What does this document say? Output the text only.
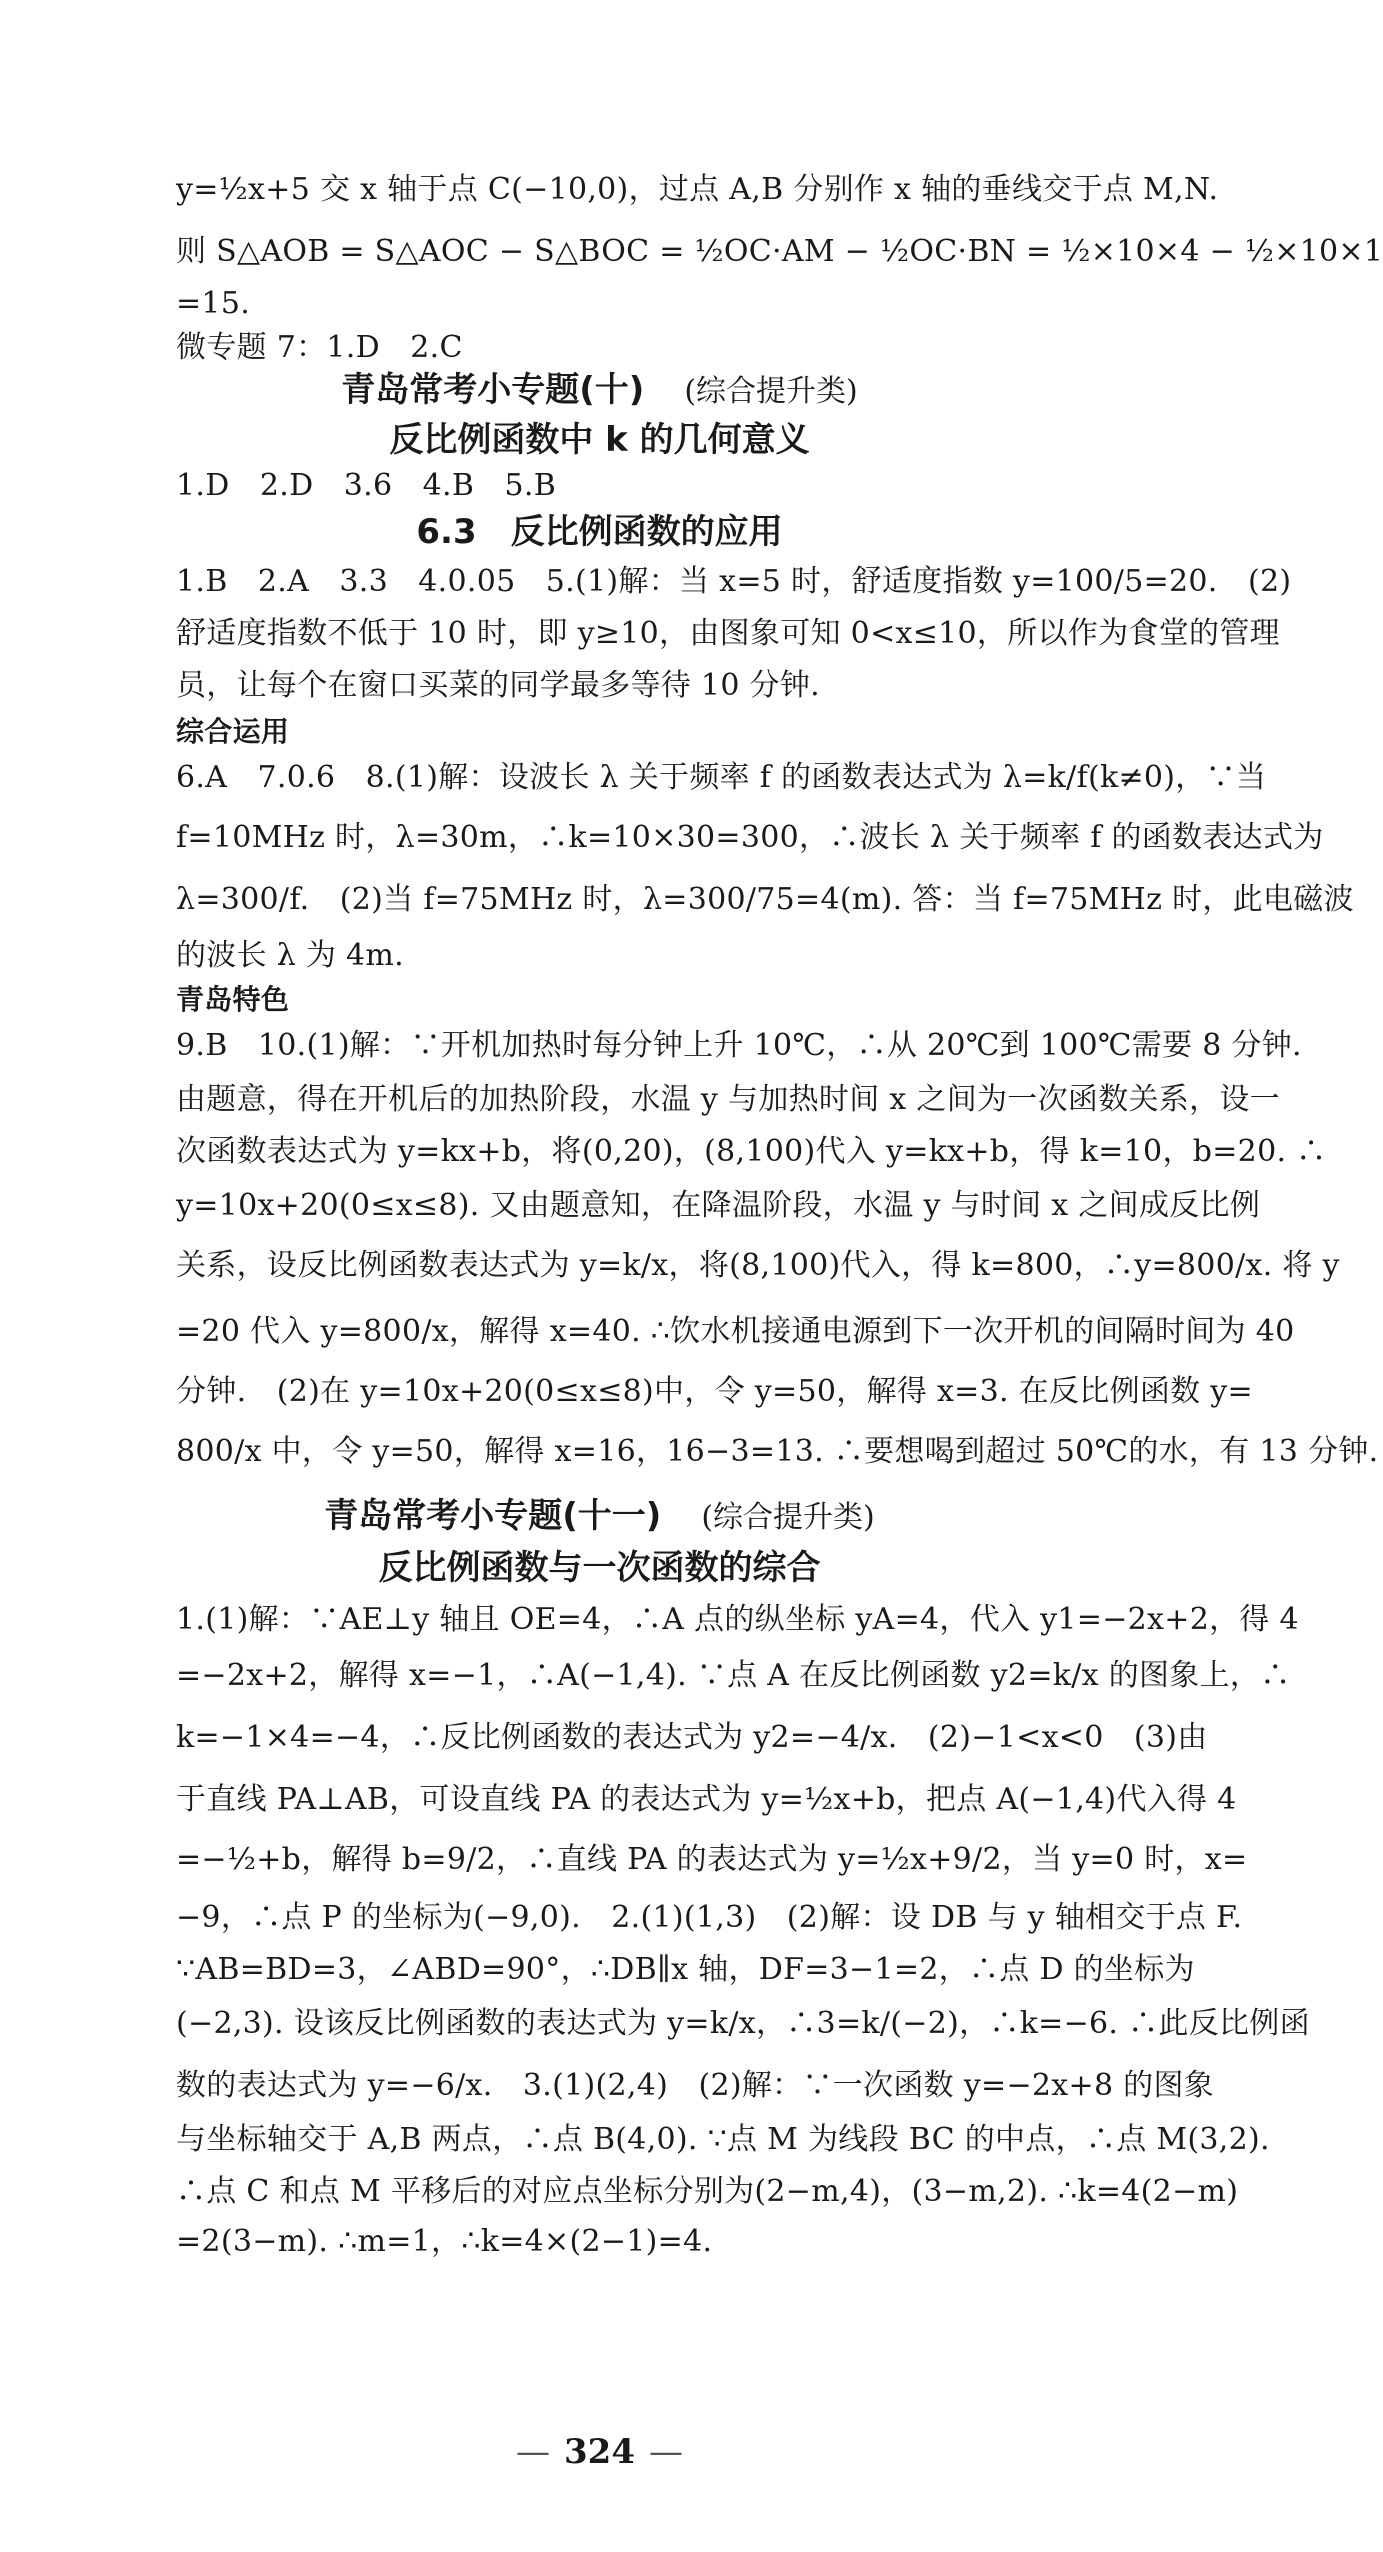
y=½x+5 交 x 轴于点 C(−10,0)，过点 A,B 分别作 x 轴的垂线交于点 M,N.
则 S△AOB = S△AOC − S△BOC = ½OC·AM − ½OC·BN = ½×10×4 − ½×10×1
=15.
微专题 7：1.D　2.C
青岛常考小专题(十) (综合提升类)
反比例函数中 k 的几何意义
1.D　2.D　3.6　4.B　5.B
6.3　反比例函数的应用
1.B　2.A　3.3　4.0.05　5.(1)解：当 x=5 时，舒适度指数 y=100/5=20.　(2)
舒适度指数不低于 10 时，即 y≥10，由图象可知 0<x≤10，所以作为食堂的管理
员，让每个在窗口买菜的同学最多等待 10 分钟.
综合运用
6.A　7.0.6　8.(1)解：设波长 λ 关于频率 f 的函数表达式为 λ=k/f(k≠0)，∵当
f=10MHz 时，λ=30m，∴k=10×30=300，∴波长 λ 关于频率 f 的函数表达式为
λ=300/f.　(2)当 f=75MHz 时，λ=300/75=4(m). 答：当 f=75MHz 时，此电磁波
的波长 λ 为 4m.
青岛特色
9.B　10.(1)解：∵开机加热时每分钟上升 10℃，∴从 20℃到 100℃需要 8 分钟.
由题意，得在开机后的加热阶段，水温 y 与加热时间 x 之间为一次函数关系，设一
次函数表达式为 y=kx+b，将(0,20)，(8,100)代入 y=kx+b，得 k=10，b=20. ∴
y=10x+20(0≤x≤8). 又由题意知，在降温阶段，水温 y 与时间 x 之间成反比例
关系，设反比例函数表达式为 y=k/x，将(8,100)代入，得 k=800，∴y=800/x. 将 y
=20 代入 y=800/x，解得 x=40. ∴饮水机接通电源到下一次开机的间隔时间为 40
分钟.　(2)在 y=10x+20(0≤x≤8)中，令 y=50，解得 x=3. 在反比例函数 y=
800/x 中，令 y=50，解得 x=16，16−3=13. ∴要想喝到超过 50℃的水，有 13 分钟.
青岛常考小专题(十一) (综合提升类)
反比例函数与一次函数的综合
1.(1)解：∵AE⊥y 轴且 OE=4，∴A 点的纵坐标 yA=4，代入 y1=−2x+2，得 4
=−2x+2，解得 x=−1，∴A(−1,4). ∵点 A 在反比例函数 y2=k/x 的图象上，∴
k=−1×4=−4，∴反比例函数的表达式为 y2=−4/x.　(2)−1<x<0　(3)由
于直线 PA⊥AB，可设直线 PA 的表达式为 y=½x+b，把点 A(−1,4)代入得 4
=−½+b，解得 b=9/2，∴直线 PA 的表达式为 y=½x+9/2，当 y=0 时，x=
−9，∴点 P 的坐标为(−9,0).　2.(1)(1,3)　(2)解：设 DB 与 y 轴相交于点 F.
∵AB=BD=3，∠ABD=90°，∴DB∥x 轴，DF=3−1=2，∴点 D 的坐标为
(−2,3). 设该反比例函数的表达式为 y=k/x，∴3=k/(−2)，∴k=−6. ∴此反比例函
数的表达式为 y=−6/x.　3.(1)(2,4)　(2)解：∵一次函数 y=−2x+8 的图象
与坐标轴交于 A,B 两点，∴点 B(4,0). ∵点 M 为线段 BC 的中点，∴点 M(3,2).
∴点 C 和点 M 平移后的对应点坐标分别为(2−m,4)，(3−m,2). ∴k=4(2−m)
=2(3−m). ∴m=1，∴k=4×(2−1)=4.
— 324 —
